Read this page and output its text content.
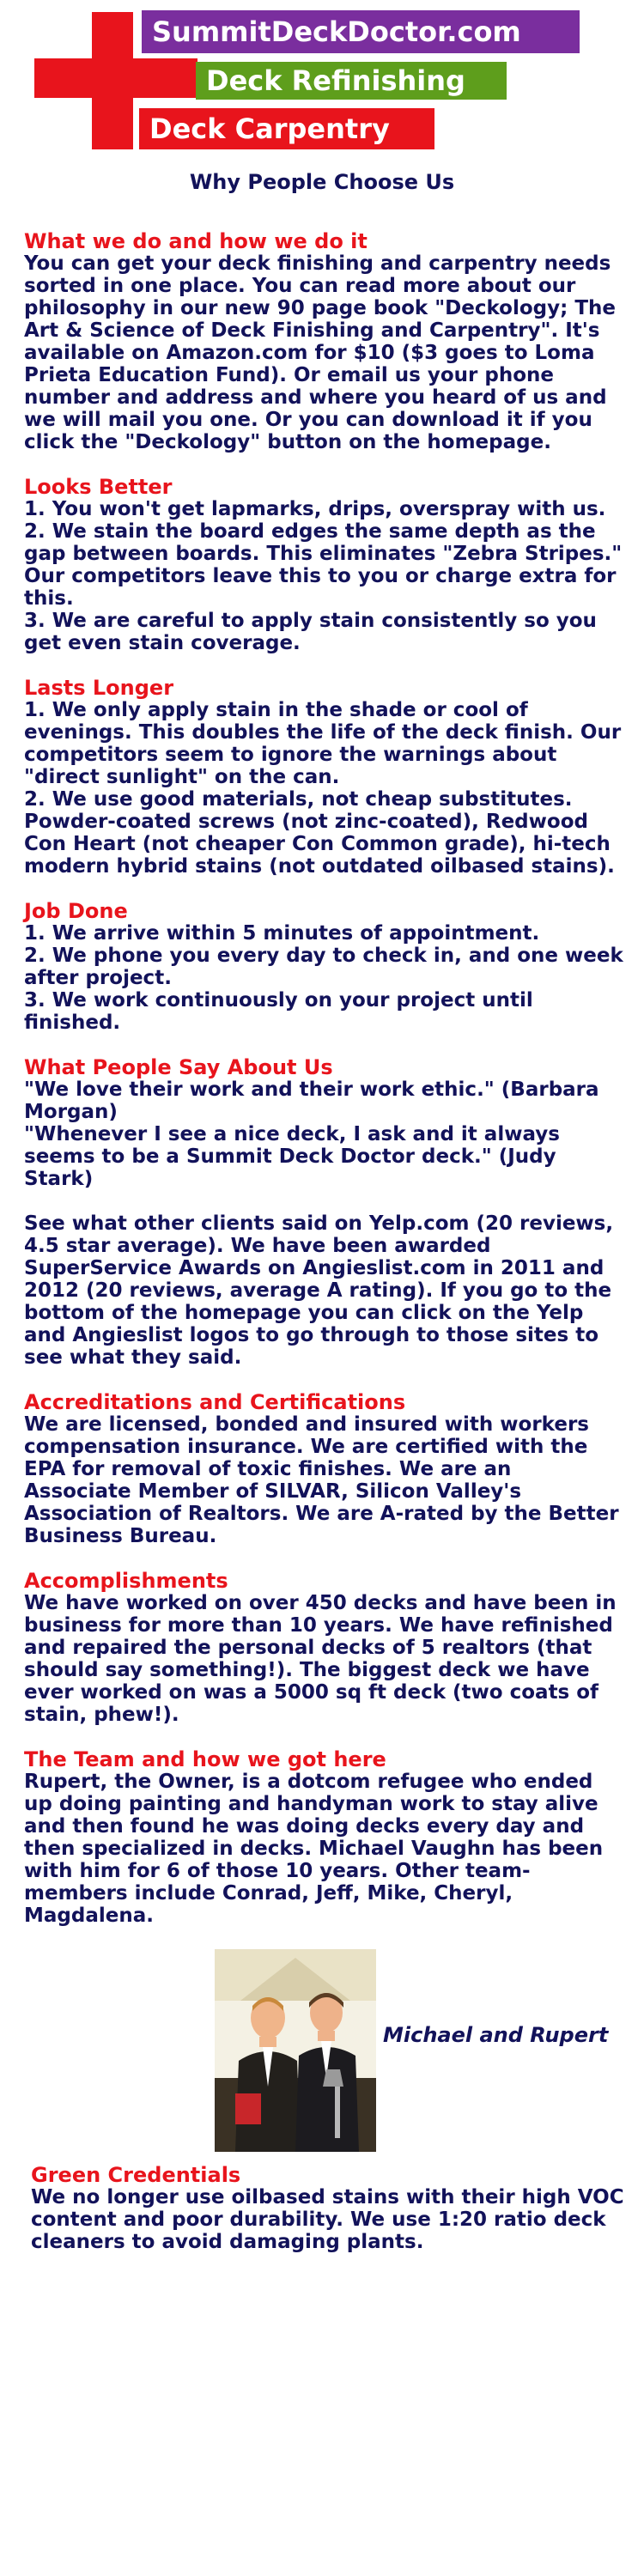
SummitDeckDoctor.com
Deck Refinishing
Deck Carpentry
Why People Choose Us
What we do and how we do it

You can get your deck finishing and carpentry needs sorted in one place. You can read more about our philosophy in our new 90 page book "Deckology; The Art & Science of Deck Finishing and Carpentry". It's available on Amazon.com for $10 ($3 goes to Loma Prieta Education Fund). Or email us your phone number and address and where you heard of us and we will mail you one. Or you can download it if you click the "Deckology" button on the homepage.

Looks Better

1. You won't get lapmarks, drips, overspray with us.

2. We stain the board edges the same depth as the gap between boards. This eliminates "Zebra Stripes." Our competitors leave this to you or charge extra for this.

3. We are careful to apply stain consistently so you get even stain coverage.

Lasts Longer

1. We only apply stain in the shade or cool of evenings. This doubles the life of the deck finish. Our competitors seem to ignore the warnings about "direct sunlight" on the can.

2. We use good materials, not cheap substitutes. Powder-coated screws (not zinc-coated), Redwood Con Heart (not cheaper Con Common grade), hi-tech modern hybrid stains (not outdated oilbased stains).

Job Done

1. We arrive within 5 minutes of appointment.

2. We phone you every day to check in, and one week after project.

3. We work continuously on your project until finished.

What People Say About Us

"We love their work and their work ethic." (Barbara Morgan)

"Whenever I see a nice deck, I ask and it always seems to be a Summit Deck Doctor deck." (Judy Stark)

See what other clients said on Yelp.com (20 reviews, 4.5 star average). We have been awarded SuperService Awards on Angieslist.com in 2011 and 2012 (20 reviews, average A rating). If you go to the bottom of the homepage you can click on the Yelp and Angieslist logos to go through to those sites to see what they said.

Accreditations and Certifications

We are licensed, bonded and insured with workers compensation insurance. We are certified with the EPA for removal of toxic finishes. We are an Associate Member of SILVAR, Silicon Valley's Association of Realtors. We are A-rated by the Better Business Bureau.

Accomplishments

We have worked on over 450 decks and have been in business for more than 10 years. We have refinished and repaired the personal decks of 5 realtors (that should say something!). The biggest deck we have ever worked on was a 5000 sq ft deck (two coats of stain, phew!).

The Team and how we got here

Rupert, the Owner, is a dotcom refugee who ended up doing painting and handyman work to stay alive and then found he was doing decks every day and then specialized in decks. Michael Vaughn has been with him for 6 of those 10 years. Other team-members include Conrad, Jeff, Mike, Cheryl, Magdalena.

Michael and Rupert
Green Credentials

We no longer use oilbased stains with their high VOC content and poor durability. We use 1:20 ratio deck cleaners to avoid damaging plants.
